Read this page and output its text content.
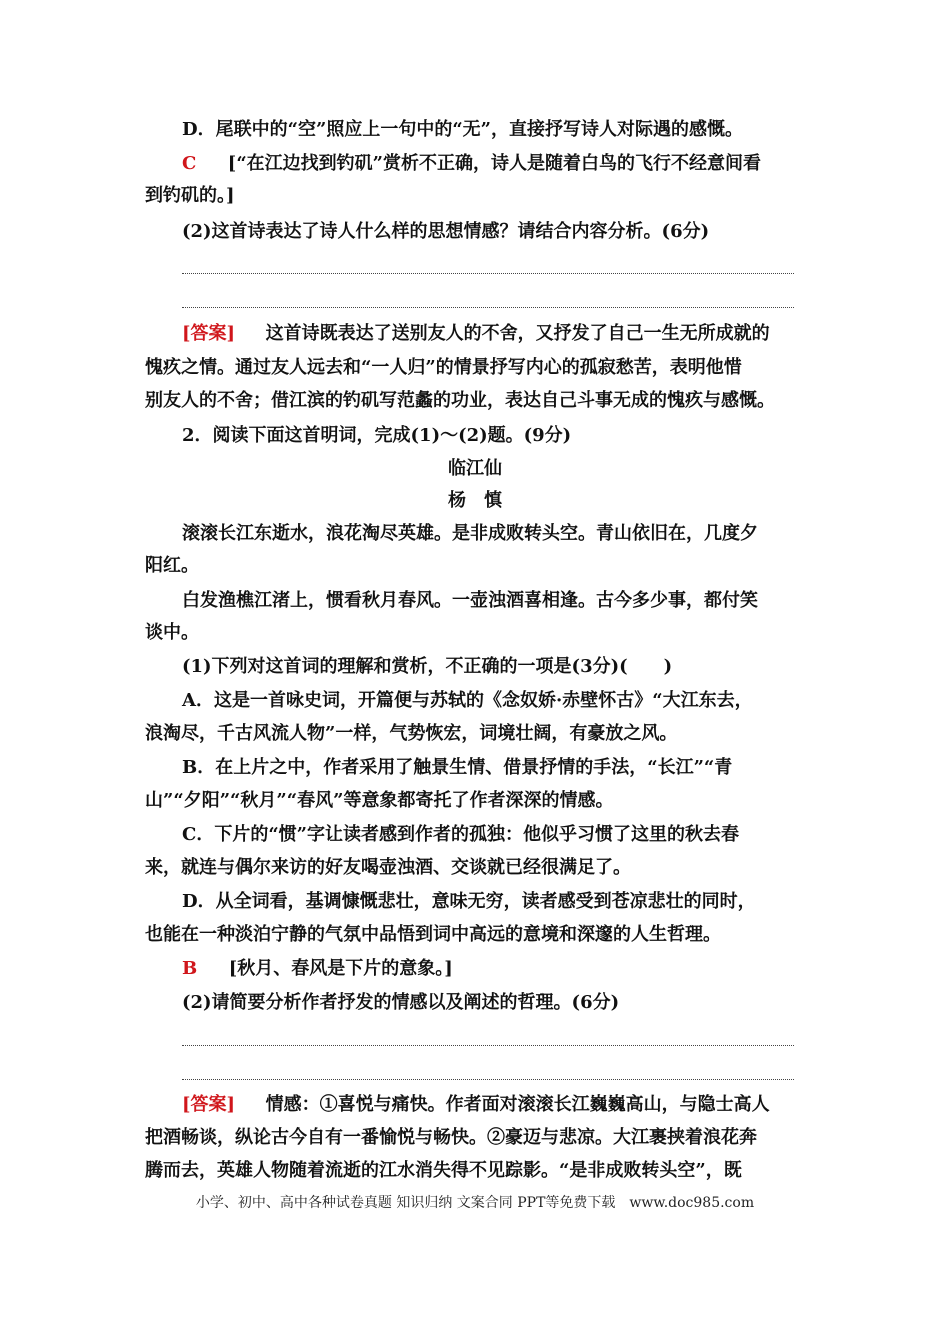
D．尾联中的“空”照应上一句中的“无”，直接抒写诗人对际遇的感慨。
C [“在江边找到钓矶”赏析不正确，诗人是随着白鸟的飞行不经意间看
到钓矶的。]
(2)这首诗表达了诗人什么样的思想情感？请结合内容分析。(6分)
[答案] 这首诗既表达了送别友人的不舍，又抒发了自己一生无所成就的
愧疚之情。通过友人远去和“一人归”的情景抒写内心的孤寂愁苦，表明他惜
别友人的不舍；借江滨的钓矶写范蠡的功业，表达自己斗事无成的愧疚与感慨。
2．阅读下面这首明词，完成(1)～(2)题。(9分)
临江仙
杨　慎
滚滚长江东逝水，浪花淘尽英雄。是非成败转头空。青山依旧在，几度夕
阳红。
白发渔樵江渚上，惯看秋月春风。一壶浊酒喜相逢。古今多少事，都付笑
谈中。
(1)下列对这首词的理解和赏析，不正确的一项是(3分)(　　)
A．这是一首咏史词，开篇便与苏轼的《念奴娇·赤壁怀古》“大江东去，
浪淘尽，千古风流人物”一样，气势恢宏，词境壮阔，有豪放之风。
B．在上片之中，作者采用了触景生情、借景抒情的手法，“长江”“青
山”“夕阳”“秋月”“春风”等意象都寄托了作者深深的情感。
C．下片的“惯”字让读者感到作者的孤独：他似乎习惯了这里的秋去春
来，就连与偶尔来访的好友喝壶浊酒、交谈就已经很满足了。
D．从全词看，基调慷慨悲壮，意味无穷，读者感受到苍凉悲壮的同时，
也能在一种淡泊宁静的气氛中品悟到词中高远的意境和深邃的人生哲理。
B [秋月、春风是下片的意象。]
(2)请简要分析作者抒发的情感以及阐述的哲理。(6分)
[答案] 情感：①喜悦与痛快。作者面对滚滚长江巍巍高山，与隐士高人
把酒畅谈，纵论古今自有一番愉悦与畅快。②豪迈与悲凉。大江裹挟着浪花奔
腾而去，英雄人物随着流逝的江水消失得不见踪影。“是非成败转头空”，既
小学、初中、高中各种试卷真题 知识归纳 文案合同 PPT等免费下载　www.doc985.com
